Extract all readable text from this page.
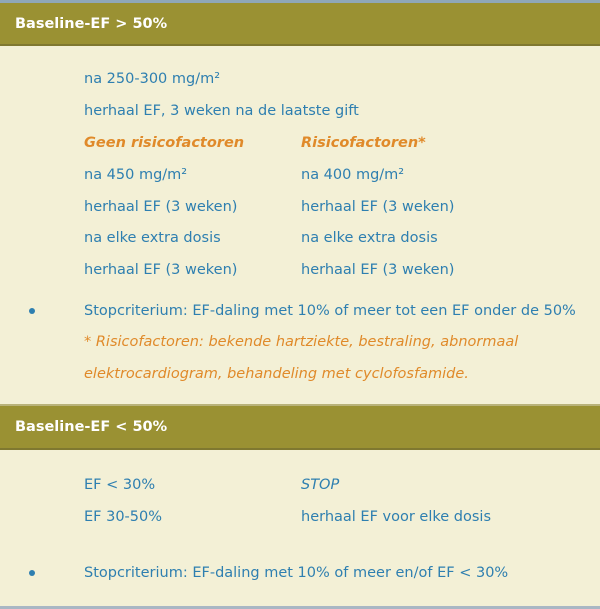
Baseline-EF > 50%
na 250-300 mg/m²
herhaal EF, 3 weken na de laatste gift
Geen risicofactoren	Risicofactoren*
na 450 mg/m²	na 400 mg/m²
herhaal EF (3 weken)	herhaal EF (3 weken)
na elke extra dosis	na elke extra dosis
herhaal EF (3 weken)	herhaal EF (3 weken)
Stopcriterium: EF-daling met 10% of meer tot een EF onder de 50%
* Risicofactoren: bekende hartziekte, bestraling, abnormaal
elektrocardiogram, behandeling met cyclofosfamide.
Baseline-EF < 50%
EF < 30%	STOP
EF 30-50%	herhaal EF voor elke dosis
Stopcriterium: EF-daling met 10% of meer en/of EF < 30%
